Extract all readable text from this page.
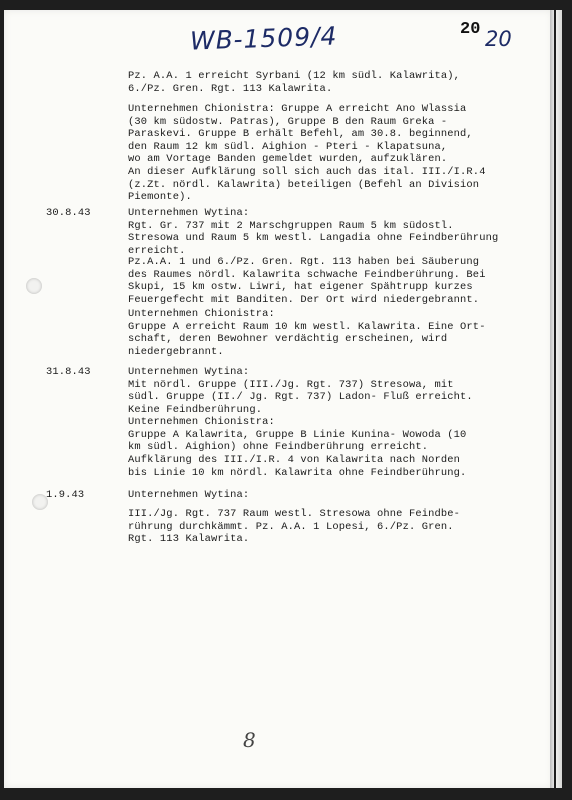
WB-1509/4	20 20
Pz. A.A. 1 erreicht Syrbani (12 km südl. Kalawrita),
6./Pz. Gren. Rgt. 113 Kalawrita.
Unternehmen Chionistra: Gruppe A erreicht Ano Wlassia
(30 km südostw. Patras), Gruppe B den Raum Greka -
Paraskevi. Gruppe B erhält Befehl, am 30.8. beginnend,
den Raum 12 km südl. Aighion - Pteri - Klapatsuna,
wo am Vortage Banden gemeldet wurden, aufzuklären.
An dieser Aufklärung soll sich auch das ital. III./I.R.4
(z.Zt. nördl. Kalawrita) beteiligen (Befehl an Division
Piemonte).
30.8.43	Unternehmen Wytina:
Rgt. Gr. 737 mit 2 Marschgruppen Raum 5 km südostl.
Stresowa und Raum 5 km westl. Langadia ohne Feindberührung
erreicht.
Pz.A.A. 1 und 6./Pz. Gren. Rgt. 113 haben bei Säuberung
des Raumes nördl. Kalawrita schwache Feindberührung. Bei
Skupi, 15 km ostw. Liwri, hat eigener Spähtrupp kurzes
Feuergefecht mit Banditen. Der Ort wird niedergebrannt.
Unternehmen Chionistra:
Gruppe A erreicht Raum 10 km westl. Kalawrita. Eine Ort-
schaft, deren Bewohner verdächtig erscheinen, wird
niedergebrannt.
31.8.43	Unternehmen Wytina:
Mit nördl. Gruppe (III./Jg. Rgt. 737) Stresowa, mit
südl. Gruppe (II./ Jg. Rgt. 737) Ladon- Fluß erreicht.
Keine Feindberührung.
Unternehmen Chionistra:
Gruppe A Kalawrita, Gruppe B Linie Kunina- Wowoda (10
km südl. Aighion) ohne Feindberührung erreicht.
Aufklärung des III./I.R. 4 von Kalawrita nach Norden
bis Linie 10 km nördl. Kalawrita ohne Feindberührung.
1.9.43	Unternehmen Wytina:
III./Jg. Rgt. 737 Raum westl. Stresowa ohne Feindbe-
rührung durchkämmt. Pz. A.A. 1 Lopesi, 6./Pz. Gren.
Rgt. 113 Kalawrita.
8
